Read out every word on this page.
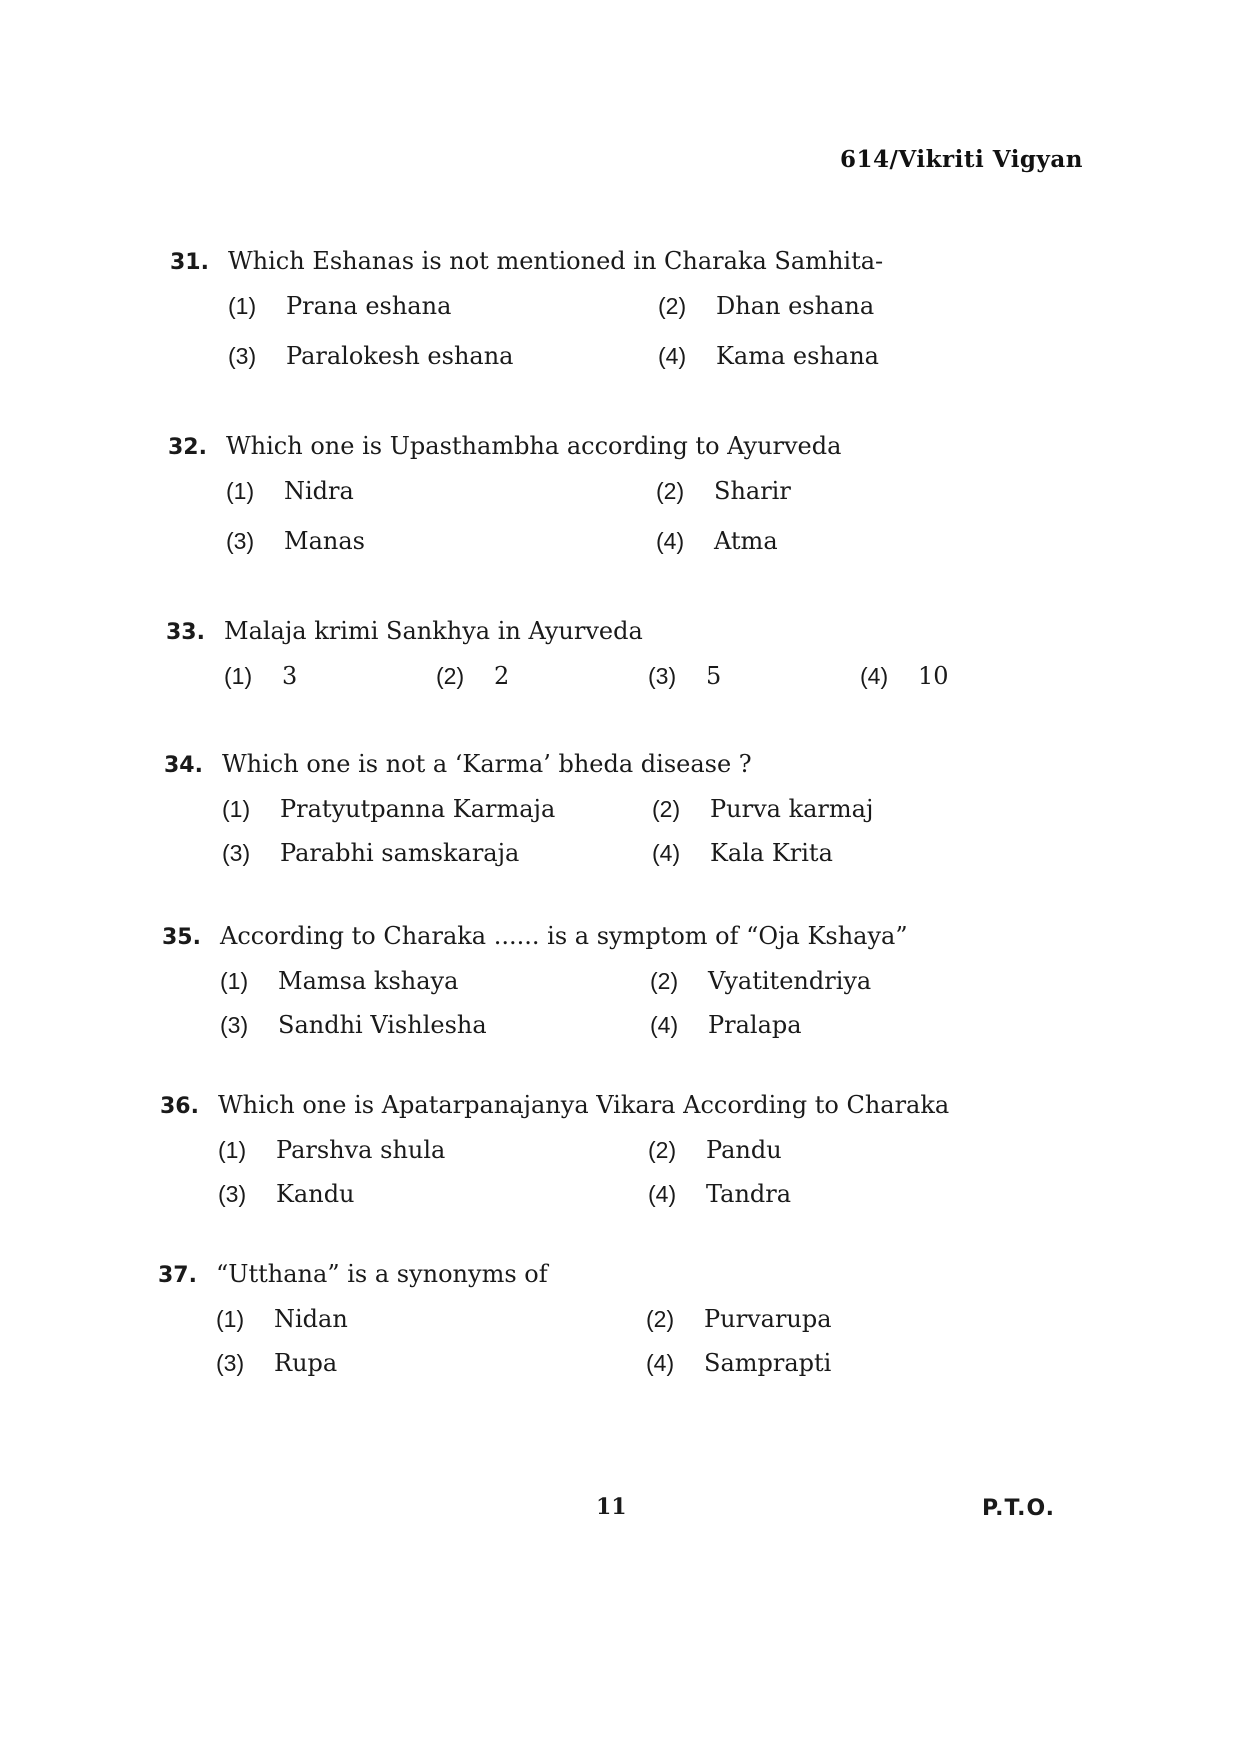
614/Vikriti Vigyan
31. Which Eshanas is not mentioned in Charaka Samhita-
(1) Prana eshana	(2) Dhan eshana
(3) Paralokesh eshana	(4) Kama eshana
32. Which one is Upasthambha according to Ayurveda
(1) Nidra	(2) Sharir
(3) Manas	(4) Atma
33. Malaja krimi Sankhya in Ayurveda
(1) 3	(2) 2	(3) 5	(4) 10
34. Which one is not a ‘Karma’ bheda disease ?
(1) Pratyutpanna Karmaja	(2) Purva karmaj
(3) Parabhi samskaraja	(4) Kala Krita
35. According to Charaka ...... is a symptom of “Oja Kshaya”
(1) Mamsa kshaya	(2) Vyatitendriya
(3) Sandhi Vishlesha	(4) Pralapa
36. Which one is Apatarpanajanya Vikara According to Charaka
(1) Parshva shula	(2) Pandu
(3) Kandu	(4) Tandra
37. “Utthana” is a synonyms of
(1) Nidan	(2) Purvarupa
(3) Rupa	(4) Samprapti
11	P.T.O.
